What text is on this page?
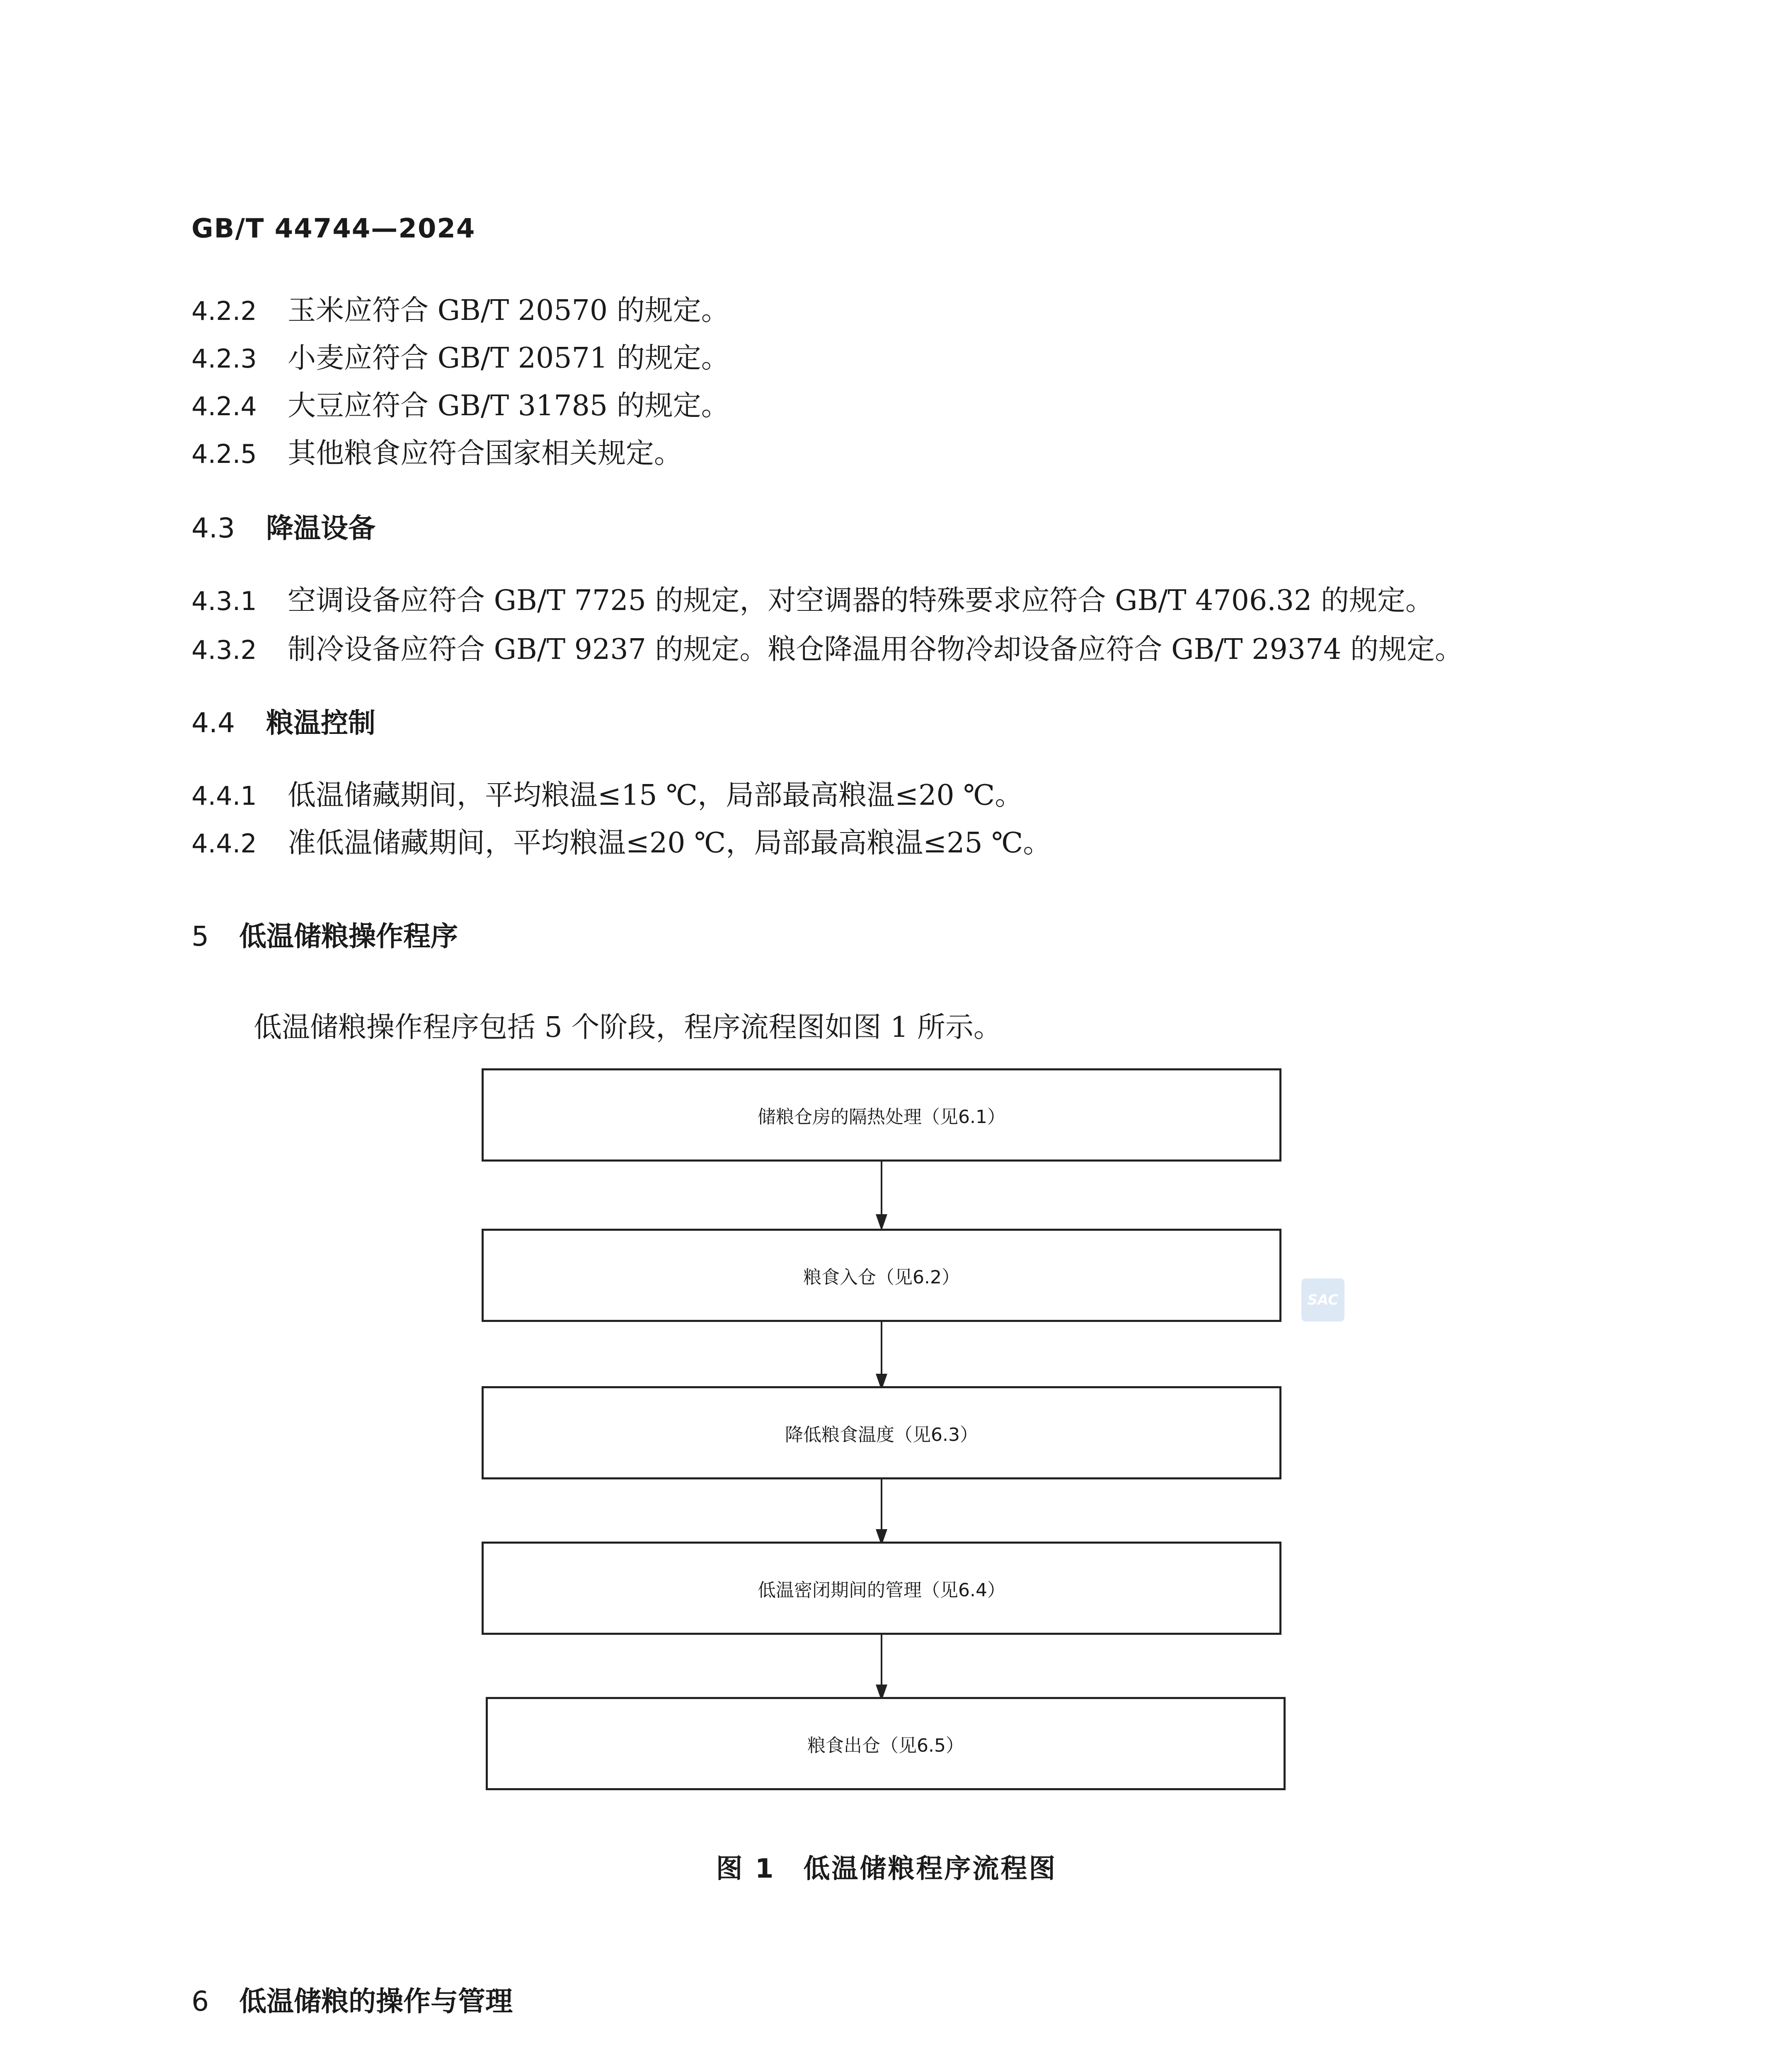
GB/T 44744—2024
4.2.2 玉米应符合 GB/T 20570 的规定。
4.2.3 小麦应符合 GB/T 20571 的规定。
4.2.4 大豆应符合 GB/T 31785 的规定。
4.2.5 其他粮食应符合国家相关规定。
4.3 降温设备
4.3.1 空调设备应符合 GB/T 7725 的规定，对空调器的特殊要求应符合 GB/T 4706.32 的规定。
4.3.2 制冷设备应符合 GB/T 9237 的规定。粮仓降温用谷物冷却设备应符合 GB/T 29374 的规定。
4.4 粮温控制
4.4.1 低温储藏期间，平均粮温≤15 ℃，局部最高粮温≤20 ℃。
4.4.2 准低温储藏期间，平均粮温≤20 ℃，局部最高粮温≤25 ℃。
5 低温储粮操作程序
低温储粮操作程序包括 5 个阶段，程序流程图如图 1 所示。
储粮仓房的隔热处理（见6.1）
粮食入仓（见6.2）
降低粮食温度（见6.3）
低温密闭期间的管理（见6.4）
粮食出仓（见6.5）
SAC
图 1　低温储粮程序流程图
6 低温储粮的操作与管理
